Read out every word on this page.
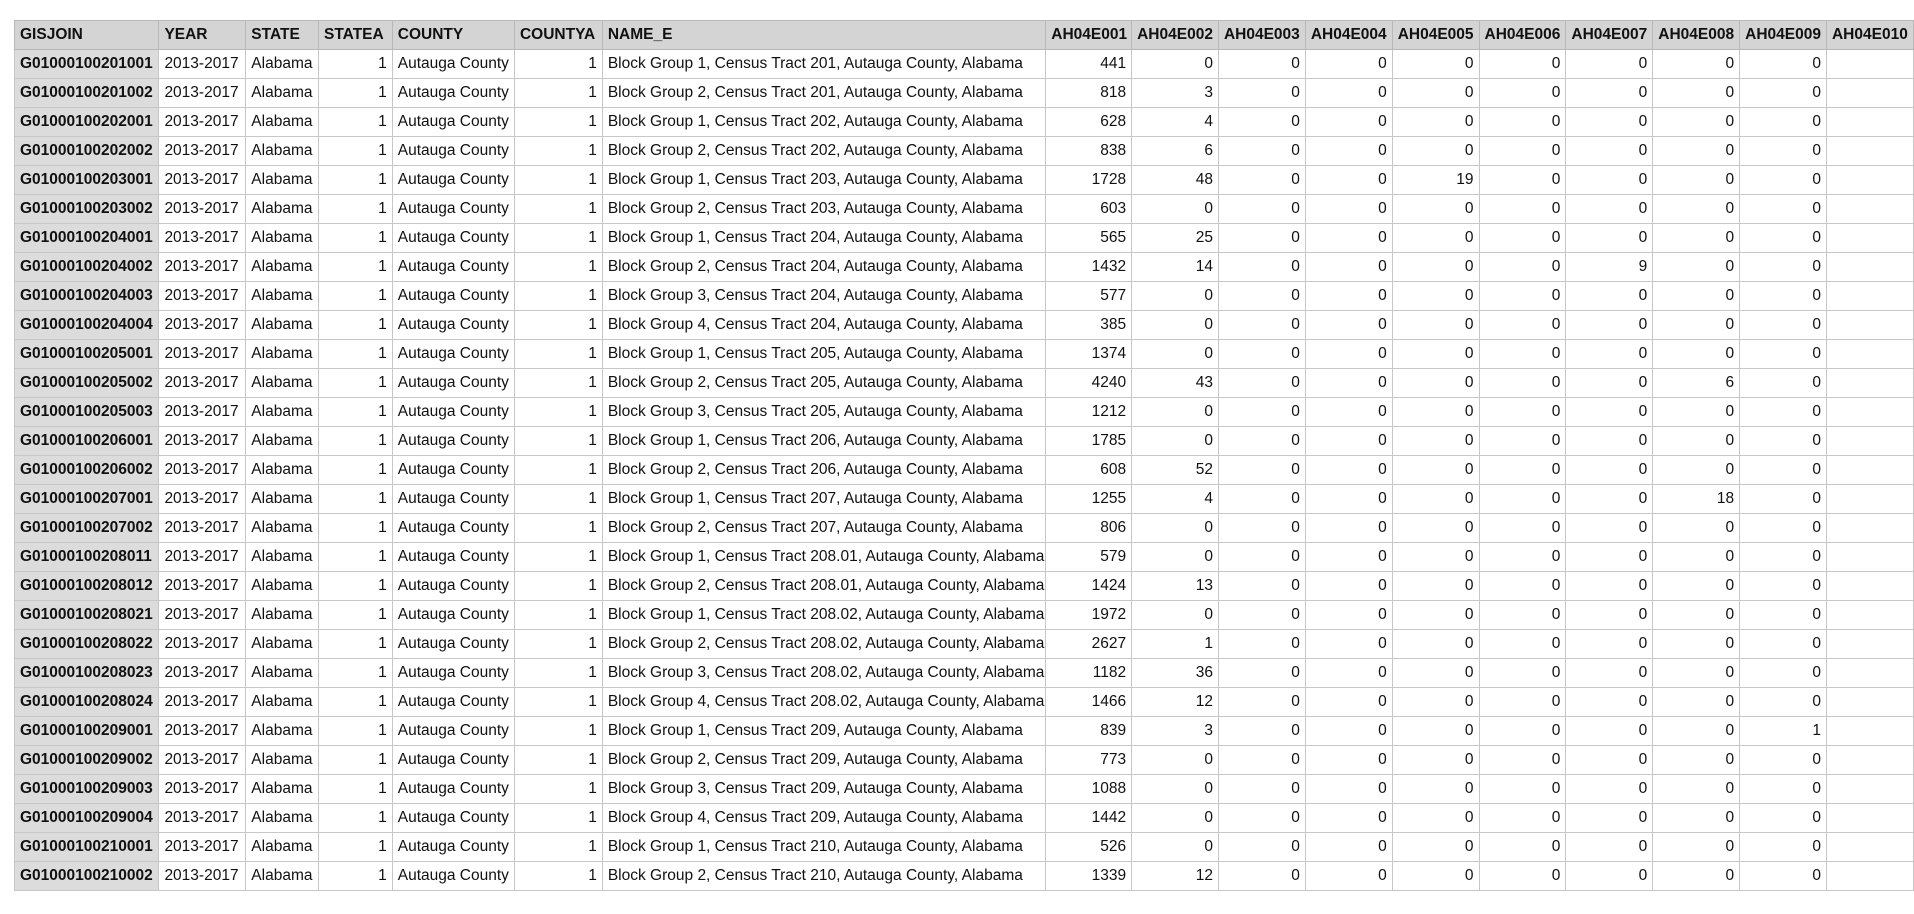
GISJOIN	YEAR	STATE	STATEA	COUNTY	COUNTYA	NAME_E	AH04E001	AH04E002	AH04E003	AH04E004	AH04E005	AH04E006	AH04E007	AH04E008	AH04E009	AH04E010
G01000100201001	2013-2017	Alabama	1	Autauga County	1	Block Group 1, Census Tract 201, Autauga County, Alabama	441	0	0	0	0	0	0	0	0	
G01000100201002	2013-2017	Alabama	1	Autauga County	1	Block Group 2, Census Tract 201, Autauga County, Alabama	818	3	0	0	0	0	0	0	0	
G01000100202001	2013-2017	Alabama	1	Autauga County	1	Block Group 1, Census Tract 202, Autauga County, Alabama	628	4	0	0	0	0	0	0	0	
G01000100202002	2013-2017	Alabama	1	Autauga County	1	Block Group 2, Census Tract 202, Autauga County, Alabama	838	6	0	0	0	0	0	0	0	
G01000100203001	2013-2017	Alabama	1	Autauga County	1	Block Group 1, Census Tract 203, Autauga County, Alabama	1728	48	0	0	19	0	0	0	0	
G01000100203002	2013-2017	Alabama	1	Autauga County	1	Block Group 2, Census Tract 203, Autauga County, Alabama	603	0	0	0	0	0	0	0	0	
G01000100204001	2013-2017	Alabama	1	Autauga County	1	Block Group 1, Census Tract 204, Autauga County, Alabama	565	25	0	0	0	0	0	0	0	
G01000100204002	2013-2017	Alabama	1	Autauga County	1	Block Group 2, Census Tract 204, Autauga County, Alabama	1432	14	0	0	0	0	9	0	0	
G01000100204003	2013-2017	Alabama	1	Autauga County	1	Block Group 3, Census Tract 204, Autauga County, Alabama	577	0	0	0	0	0	0	0	0	
G01000100204004	2013-2017	Alabama	1	Autauga County	1	Block Group 4, Census Tract 204, Autauga County, Alabama	385	0	0	0	0	0	0	0	0	
G01000100205001	2013-2017	Alabama	1	Autauga County	1	Block Group 1, Census Tract 205, Autauga County, Alabama	1374	0	0	0	0	0	0	0	0	
G01000100205002	2013-2017	Alabama	1	Autauga County	1	Block Group 2, Census Tract 205, Autauga County, Alabama	4240	43	0	0	0	0	0	6	0	
G01000100205003	2013-2017	Alabama	1	Autauga County	1	Block Group 3, Census Tract 205, Autauga County, Alabama	1212	0	0	0	0	0	0	0	0	
G01000100206001	2013-2017	Alabama	1	Autauga County	1	Block Group 1, Census Tract 206, Autauga County, Alabama	1785	0	0	0	0	0	0	0	0	
G01000100206002	2013-2017	Alabama	1	Autauga County	1	Block Group 2, Census Tract 206, Autauga County, Alabama	608	52	0	0	0	0	0	0	0	
G01000100207001	2013-2017	Alabama	1	Autauga County	1	Block Group 1, Census Tract 207, Autauga County, Alabama	1255	4	0	0	0	0	0	18	0	
G01000100207002	2013-2017	Alabama	1	Autauga County	1	Block Group 2, Census Tract 207, Autauga County, Alabama	806	0	0	0	0	0	0	0	0	
G01000100208011	2013-2017	Alabama	1	Autauga County	1	Block Group 1, Census Tract 208.01, Autauga County, Alabama	579	0	0	0	0	0	0	0	0	
G01000100208012	2013-2017	Alabama	1	Autauga County	1	Block Group 2, Census Tract 208.01, Autauga County, Alabama	1424	13	0	0	0	0	0	0	0	
G01000100208021	2013-2017	Alabama	1	Autauga County	1	Block Group 1, Census Tract 208.02, Autauga County, Alabama	1972	0	0	0	0	0	0	0	0	
G01000100208022	2013-2017	Alabama	1	Autauga County	1	Block Group 2, Census Tract 208.02, Autauga County, Alabama	2627	1	0	0	0	0	0	0	0	
G01000100208023	2013-2017	Alabama	1	Autauga County	1	Block Group 3, Census Tract 208.02, Autauga County, Alabama	1182	36	0	0	0	0	0	0	0	
G01000100208024	2013-2017	Alabama	1	Autauga County	1	Block Group 4, Census Tract 208.02, Autauga County, Alabama	1466	12	0	0	0	0	0	0	0	
G01000100209001	2013-2017	Alabama	1	Autauga County	1	Block Group 1, Census Tract 209, Autauga County, Alabama	839	3	0	0	0	0	0	0	1	
G01000100209002	2013-2017	Alabama	1	Autauga County	1	Block Group 2, Census Tract 209, Autauga County, Alabama	773	0	0	0	0	0	0	0	0	
G01000100209003	2013-2017	Alabama	1	Autauga County	1	Block Group 3, Census Tract 209, Autauga County, Alabama	1088	0	0	0	0	0	0	0	0	
G01000100209004	2013-2017	Alabama	1	Autauga County	1	Block Group 4, Census Tract 209, Autauga County, Alabama	1442	0	0	0	0	0	0	0	0	
G01000100210001	2013-2017	Alabama	1	Autauga County	1	Block Group 1, Census Tract 210, Autauga County, Alabama	526	0	0	0	0	0	0	0	0	
G01000100210002	2013-2017	Alabama	1	Autauga County	1	Block Group 2, Census Tract 210, Autauga County, Alabama	1339	12	0	0	0	0	0	0	0	
